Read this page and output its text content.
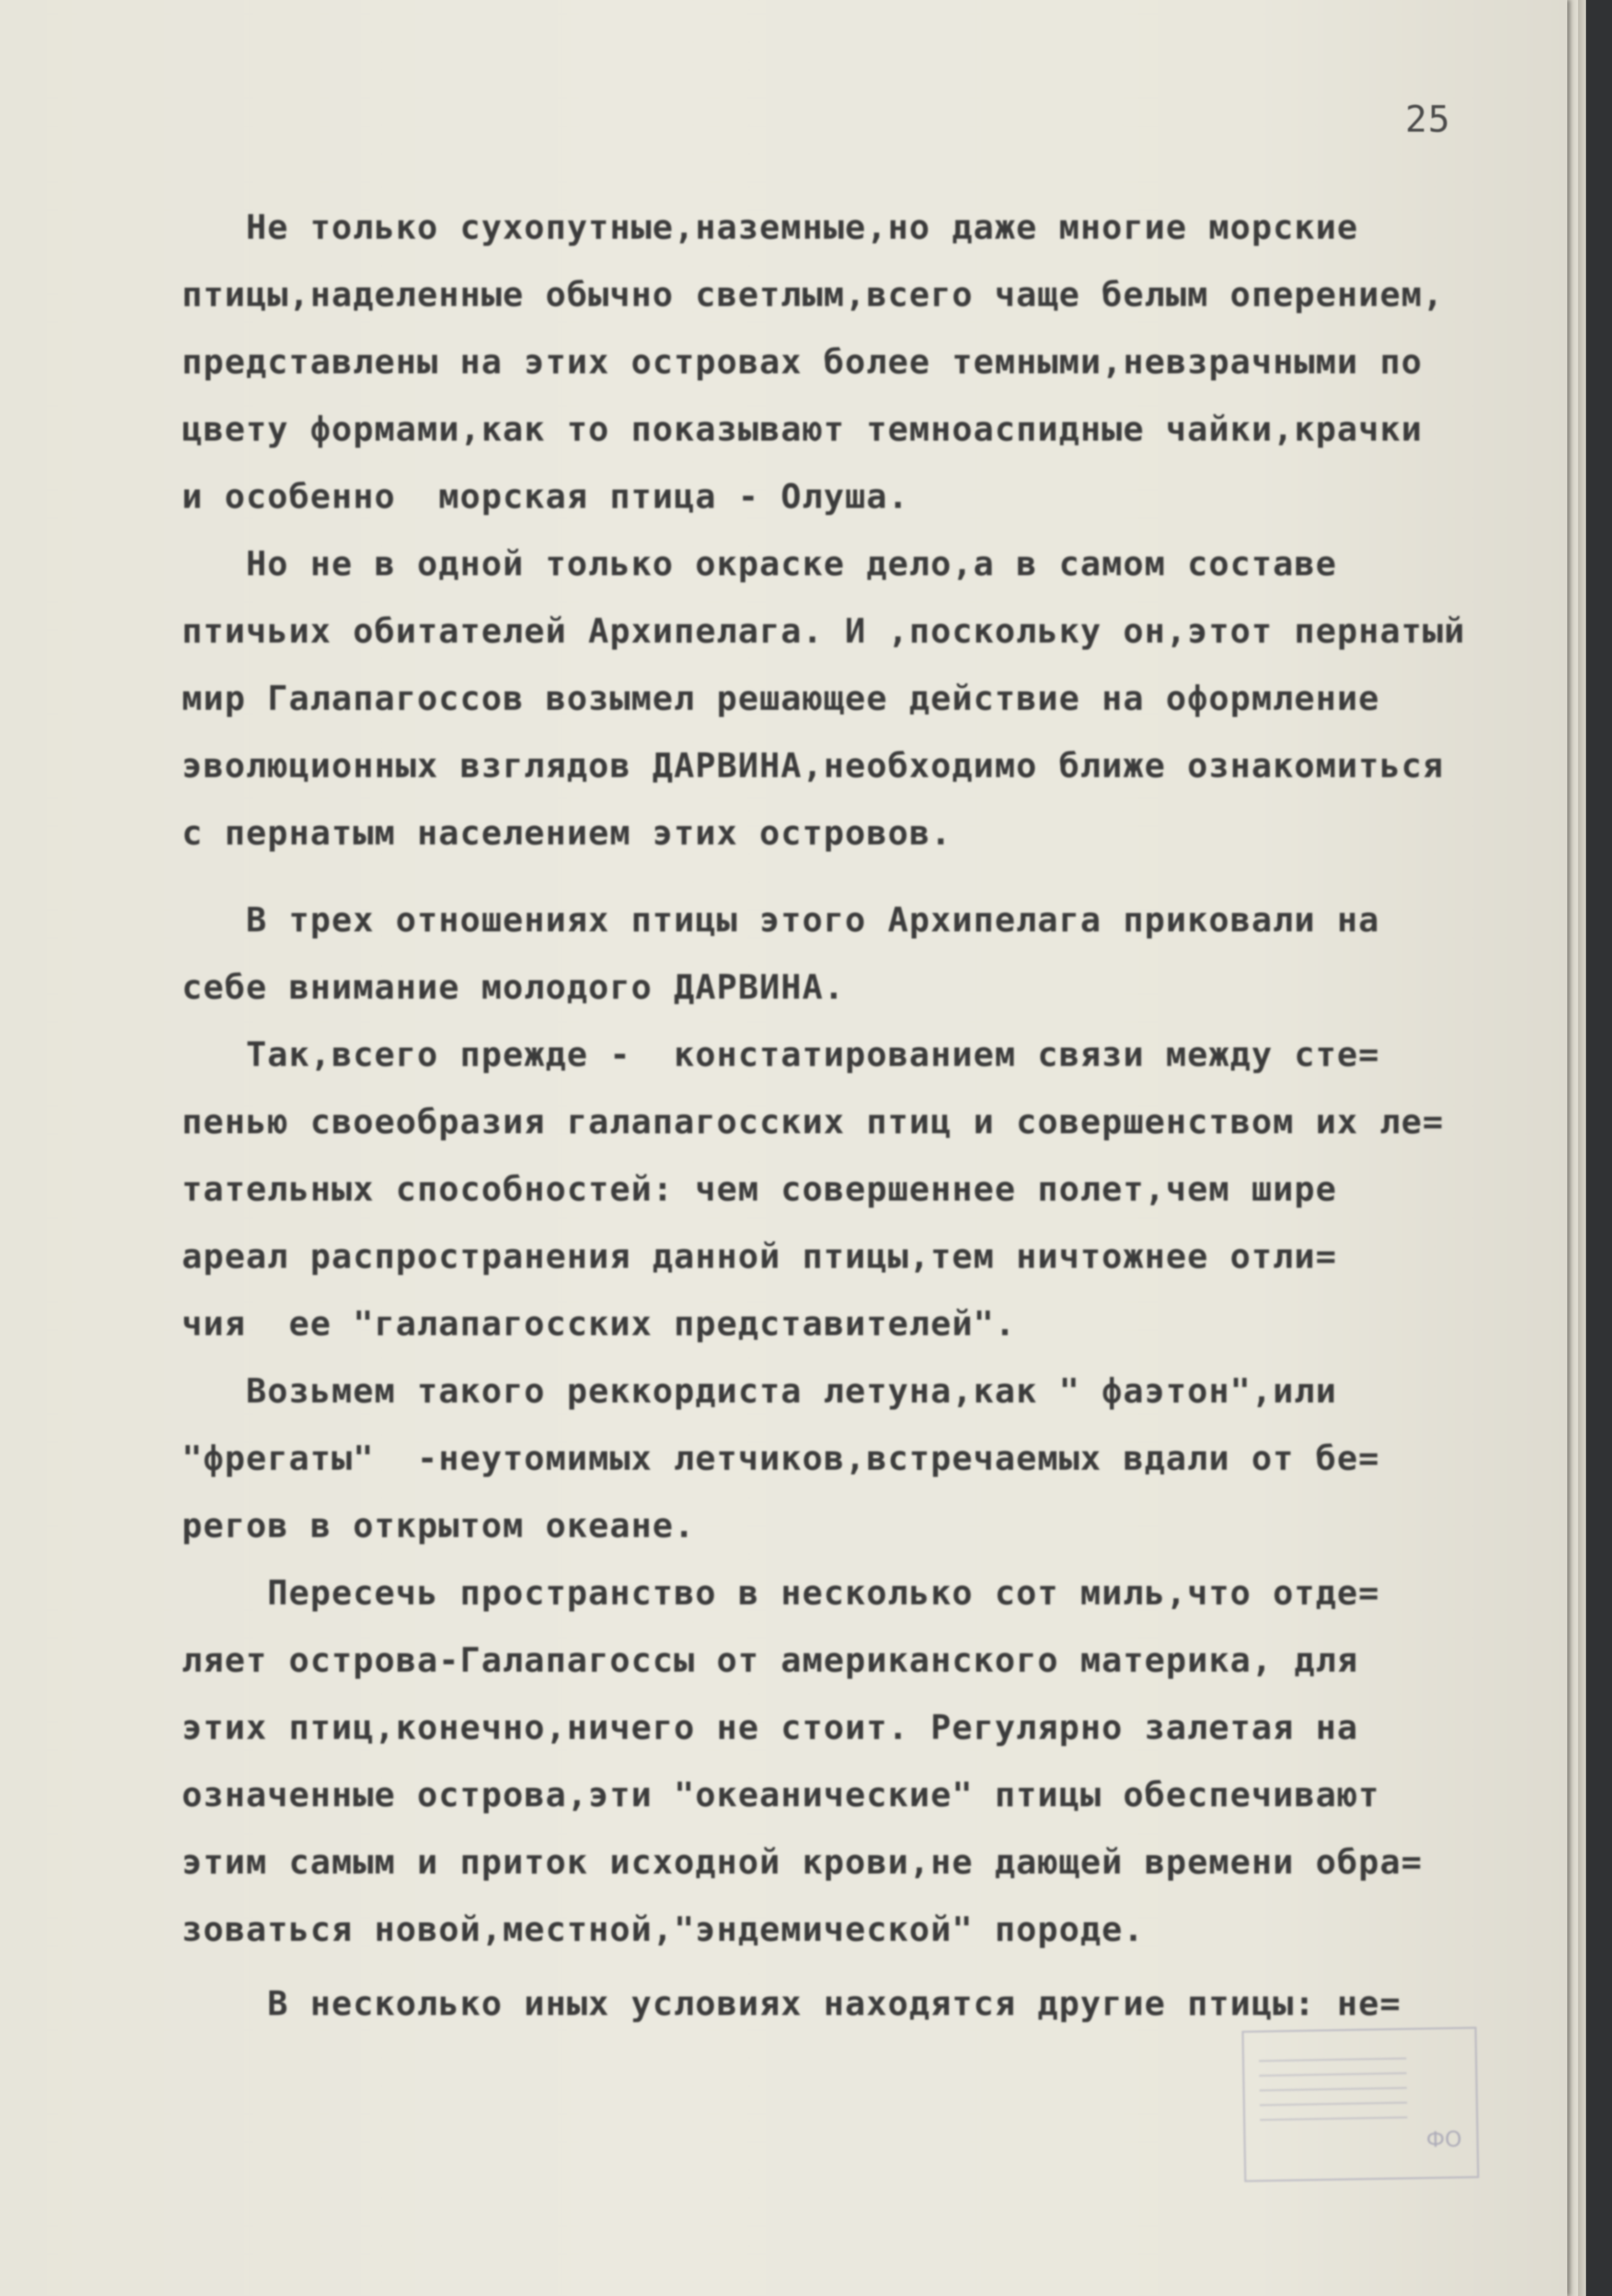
25
Не только сухопутные,наземные,но даже многие морские
птицы,наделенные обычно светлым,всего чаще белым оперением,
представлены на этих островах более темными,невзрачными по
цвету формами,как то показывают темноаспидные чайки,крачки
и особенно  морская птица - Олуша.
Но не в одной только окраске дело,а в самом составе
птичьих обитателей Архипелага. И ,поскольку он,этот пернатый
мир Галапагоссов возымел решающее действие на оформление
эволюционных взглядов ДАРВИНА,необходимо ближе ознакомиться
с пернатым населением этих островов.
В трех отношениях птицы этого Архипелага приковали на
себе внимание молодого ДАРВИНА.
Так,всего прежде -  констатированием связи между сте=
пенью своеобразия галапагосских птиц и совершенством их ле=
тательных способностей: чем совершеннее полет,чем шире
ареал распространения данной птицы,тем ничтожнее отли=
чия  ее "галапагосских представителей".
Возьмем такого реккордиста летуна,как " фаэтон",или
"фрегаты"  -неутомимых летчиков,встречаемых вдали от бе=
регов в открытом океане.
Пересечь пространство в несколько сот миль,что отде=
ляет острова-Галапагоссы от американского материка, для
этих птиц,конечно,ничего не стоит. Регулярно залетая на
означенные острова,эти "океанические" птицы обеспечивают
этим самым и приток исходной крови,не дающей времени обра=
зоваться новой,местной,"эндемической" породе.
В несколько иных условиях находятся другие птицы: не=
ФО
